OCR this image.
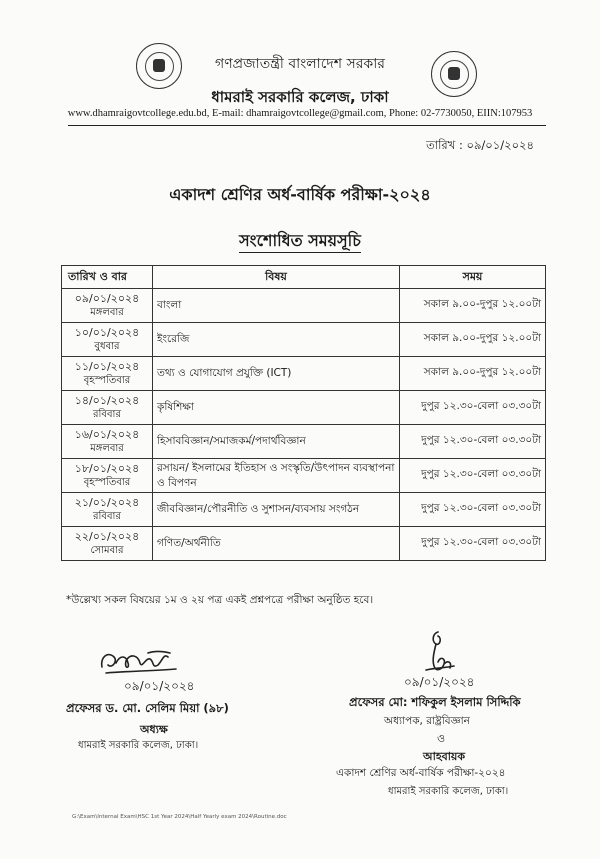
গণপ্রজাতন্ত্রী বাংলাদেশ সরকার
ধামরাই সরকারি কলেজ, ঢাকা
www.dhamraigovtcollege.edu.bd, E-mail: dhamraigovtcollege@gmail.com, Phone: 02-7730050, EIIN:107953
তারিখ : ০৯/০১/২০২৪
একাদশ শ্রেণির অর্ধ-বার্ষিক পরীক্ষা-২০২৪
সংশোধিত সময়সূচি
তারিখ ও বার	বিষয়	সময়

০৯/০১/২০২৪
মঙ্গলবার	বাংলা	সকাল ৯.০০-দুপুর ১২.০০টা

১০/০১/২০২৪
বুধবার	ইংরেজি	সকাল ৯.০০-দুপুর ১২.০০টা

১১/০১/২০২৪
বৃহস্পতিবার	তথ্য ও যোগাযোগ প্রযুক্তি (ICT)	সকাল ৯.০০-দুপুর ১২.০০টা

১৪/০১/২০২৪
রবিবার	কৃষিশিক্ষা	দুপুর ১২.৩০-বেলা ০৩.৩০টা

১৬/০১/২০২৪
মঙ্গলবার	হিসাববিজ্ঞান/সমাজকর্ম/পদার্থবিজ্ঞান	দুপুর ১২.৩০-বেলা ০৩.৩০টা

১৮/০১/২০২৪
বৃহস্পতিবার	রসায়ন/ ইসলামের ইতিহাস ও সংস্কৃতি/উৎপাদন ব্যবস্থাপনা ও বিপণন	দুপুর ১২.৩০-বেলা ০৩.৩০টা

২১/০১/২০২৪
রবিবার	জীববিজ্ঞান/পৌরনীতি ও সুশাসন/ব্যবসায় সংগঠন	দুপুর ১২.৩০-বেলা ০৩.৩০টা

২২/০১/২০২৪
সোমবার	গণিত/অর্থনীতি	দুপুর ১২.৩০-বেলা ০৩.৩০টা
*উল্লেখ্য সকল বিষয়ের ১ম ও ২য় পত্র একই প্রশ্নপত্রে পরীক্ষা অনুষ্ঠিত হবে।
০৯/০১/২০২৪
প্রফেসর ড. মো. সেলিম মিয়া (৯৮)
অধ্যক্ষ
ধামরাই সরকারি কলেজ, ঢাকা।
০৯/০১/২০২৪
প্রফেসর মো: শফিকুল ইসলাম সিদ্দিকি
অধ্যাপক, রাষ্ট্রবিজ্ঞান
ও
আহবায়ক
একাদশ শ্রেণির অর্ধ-বার্ষিক পরীক্ষা-২০২৪
ধামরাই সরকারি কলেজ, ঢাকা।
G:\Exam\Internal Exam\HSC 1st Year 2024\Half Yearly exam 2024\Routine.doc
